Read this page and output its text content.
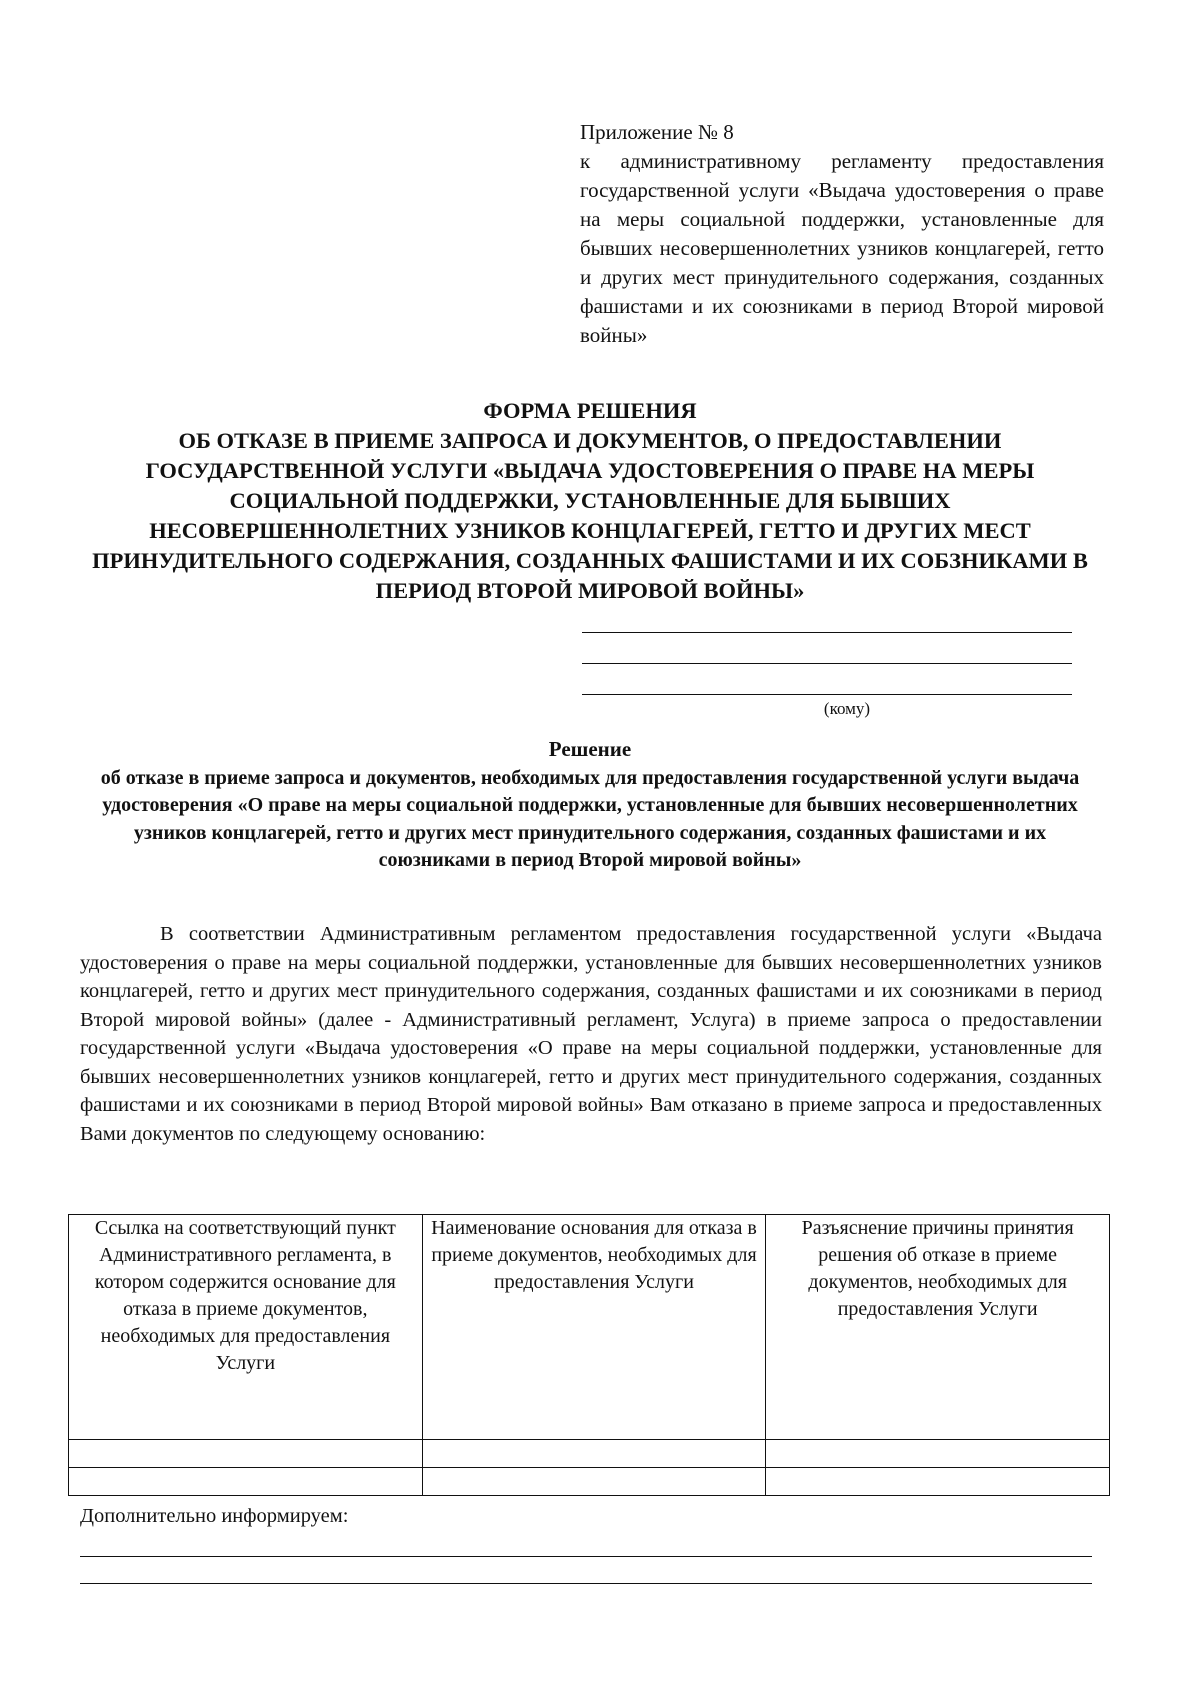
Приложение № 8
к административному регламенту предоставления государственной услуги «Выдача удостоверения о праве на меры социальной поддержки, установленные для бывших несовершеннолетних узников концлагерей, гетто и других мест принудительного содержания, созданных фашистами и их союзниками в период Второй мировой войны»
ФОРМА РЕШЕНИЯ
ОБ ОТКАЗЕ В ПРИЕМЕ ЗАПРОСА И ДОКУМЕНТОВ, О ПРЕДОСТАВЛЕНИИ ГОСУДАРСТВЕННОЙ УСЛУГИ «ВЫДАЧА УДОСТОВЕРЕНИЯ О ПРАВЕ НА МЕРЫ СОЦИАЛЬНОЙ ПОДДЕРЖКИ, УСТАНОВЛЕННЫЕ ДЛЯ БЫВШИХ НЕСОВЕРШЕННОЛЕТНИХ УЗНИКОВ КОНЦЛАГЕРЕЙ, ГЕТТО И ДРУГИХ МЕСТ ПРИНУДИТЕЛЬНОГО СОДЕРЖАНИЯ, СОЗДАННЫХ ФАШИСТАМИ И ИХ СОБЗНИКАМИ В ПЕРИОД ВТОРОЙ МИРОВОЙ ВОЙНЫ»
(кому)
Решение
об отказе в приеме запроса и документов, необходимых для предоставления государственной услуги выдача удостоверения «О праве на меры социальной поддержки, установленные для бывших несовершеннолетних узников концлагерей, гетто и других мест принудительного содержания, созданных фашистами и их союзниками в период Второй мировой войны»
В соответствии Административным регламентом предоставления государственной услуги «Выдача удостоверения о праве на меры социальной поддержки, установленные для бывших несовершеннолетних узников концлагерей, гетто и других мест принудительного содержания, созданных фашистами и их союзниками в период Второй мировой войны» (далее - Административный регламент, Услуга) в приеме запроса о предоставлении государственной услуги «Выдача удостоверения «О праве на меры социальной поддержки, установленные для бывших несовершеннолетних узников концлагерей, гетто и других мест принудительного содержания, созданных фашистами и их союзниками в период Второй мировой войны» Вам отказано в приеме запроса и предоставленных Вами документов по следующему основанию:
Ссылка на соответствующий пункт Административного регламента, в котором содержится основание для отказа в приеме документов, необходимых для предоставления Услуги	Наименование основания для отказа в приеме документов, необходимых для предоставления Услуги	Разъяснение причины принятия решения об отказе в приеме документов, необходимых для предоставления Услуги

Дополнительно информируем:
